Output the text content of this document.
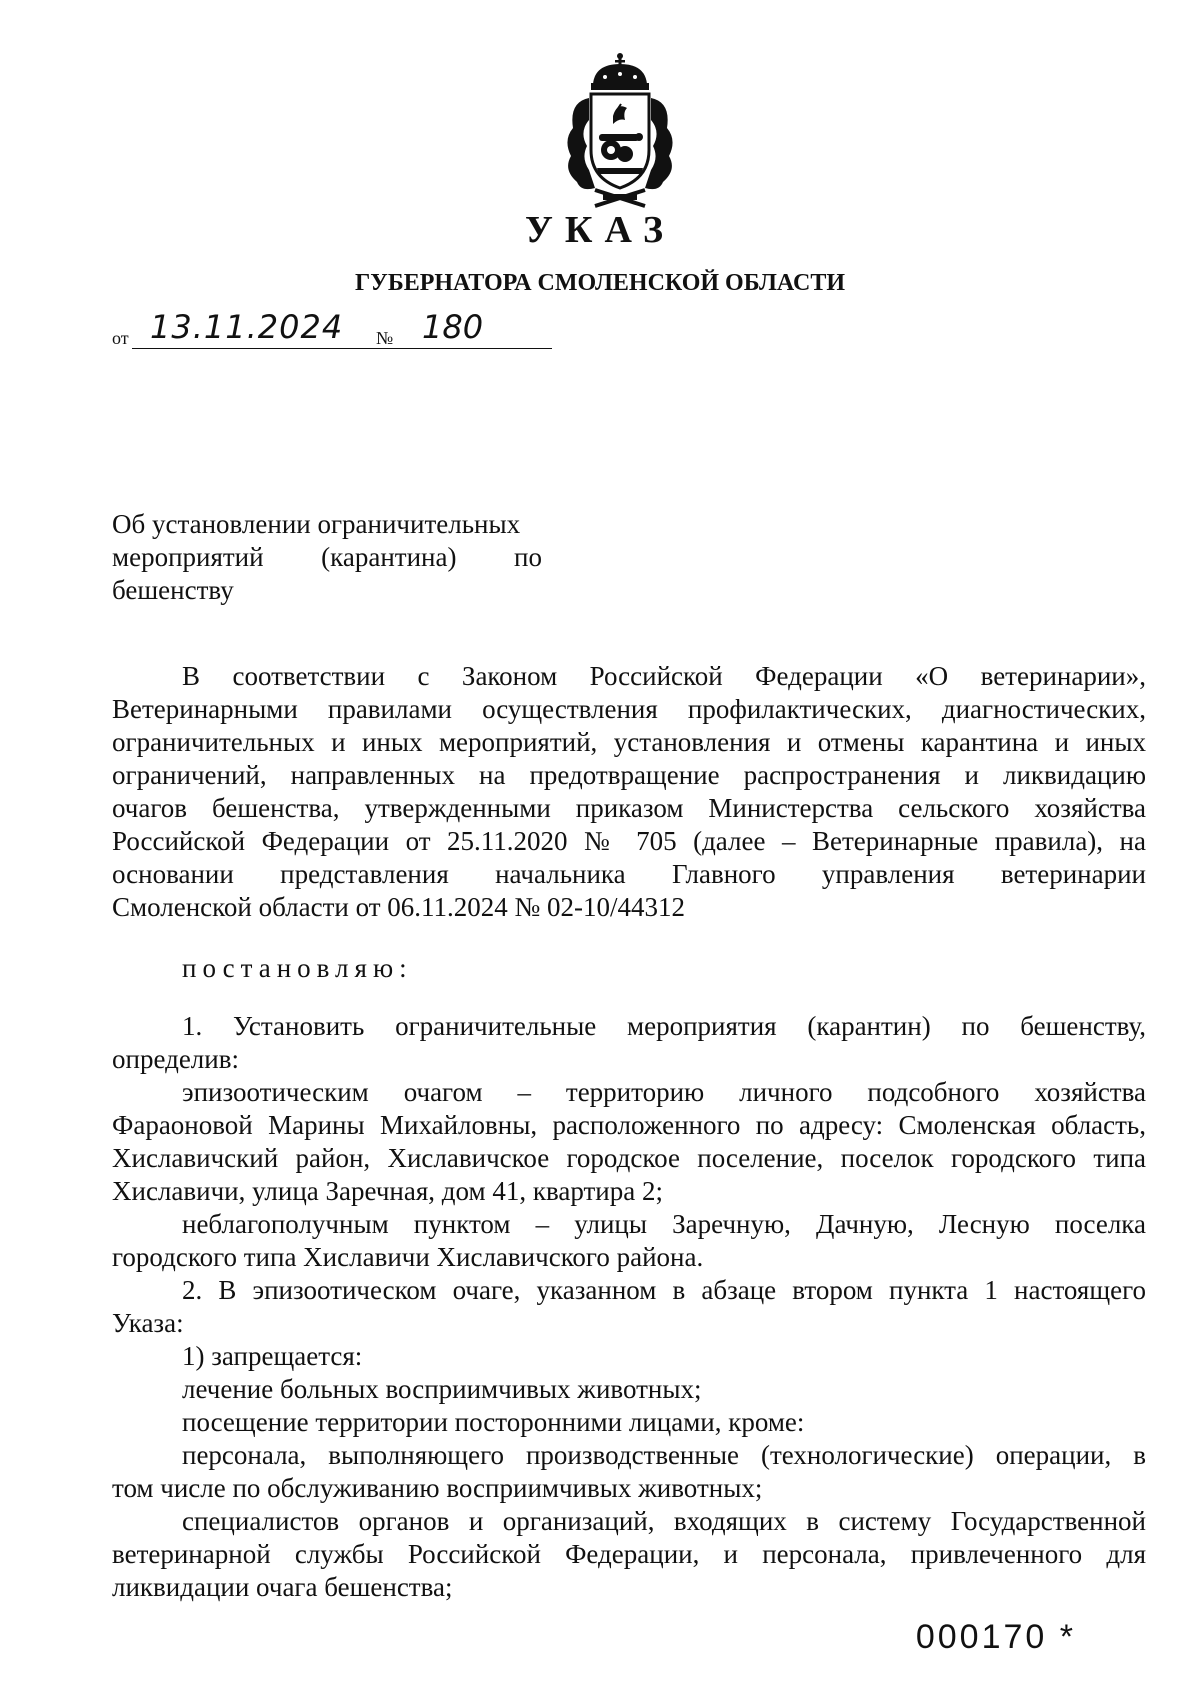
УКАЗ
ГУБЕРНАТОРА СМОЛЕНСКОЙ ОБЛАСТИ
от 13.11.2024 № 180
Об установлении ограничительных
мероприятий (карантина) по
бешенству
В соответствии с Законом Российской Федерации «О ветеринарии»,
Ветеринарными правилами осуществления профилактических, диагностических,
ограничительных и иных мероприятий, установления и отмены карантина и иных
ограничений, направленных на предотвращение распространения и ликвидацию
очагов бешенства, утвержденными приказом Министерства сельского хозяйства
Российской Федерации от 25.11.2020 № 705 (далее – Ветеринарные правила), на
основании представления начальника Главного управления ветеринарии
Смоленской области от 06.11.2024 № 02-10/44312
постановляю:
1. Установить ограничительные мероприятия (карантин) по бешенству,
определив:
эпизоотическим очагом – территорию личного подсобного хозяйства
Фараоновой Марины Михайловны, расположенного по адресу: Смоленская область,
Хиславичский район, Хиславичское городское поселение, поселок городского типа
Хиславичи, улица Заречная, дом 41, квартира 2;
неблагополучным пунктом – улицы Заречную, Дачную, Лесную поселка
городского типа Хиславичи Хиславичского района.
2. В эпизоотическом очаге, указанном в абзаце втором пункта 1 настоящего
Указа:
1) запрещается:
лечение больных восприимчивых животных;
посещение территории посторонними лицами, кроме:
персонала, выполняющего производственные (технологические) операции, в
том числе по обслуживанию восприимчивых животных;
специалистов органов и организаций, входящих в систему Государственной
ветеринарной службы Российской Федерации, и персонала, привлеченного для
ликвидации очага бешенства;
000170 *
